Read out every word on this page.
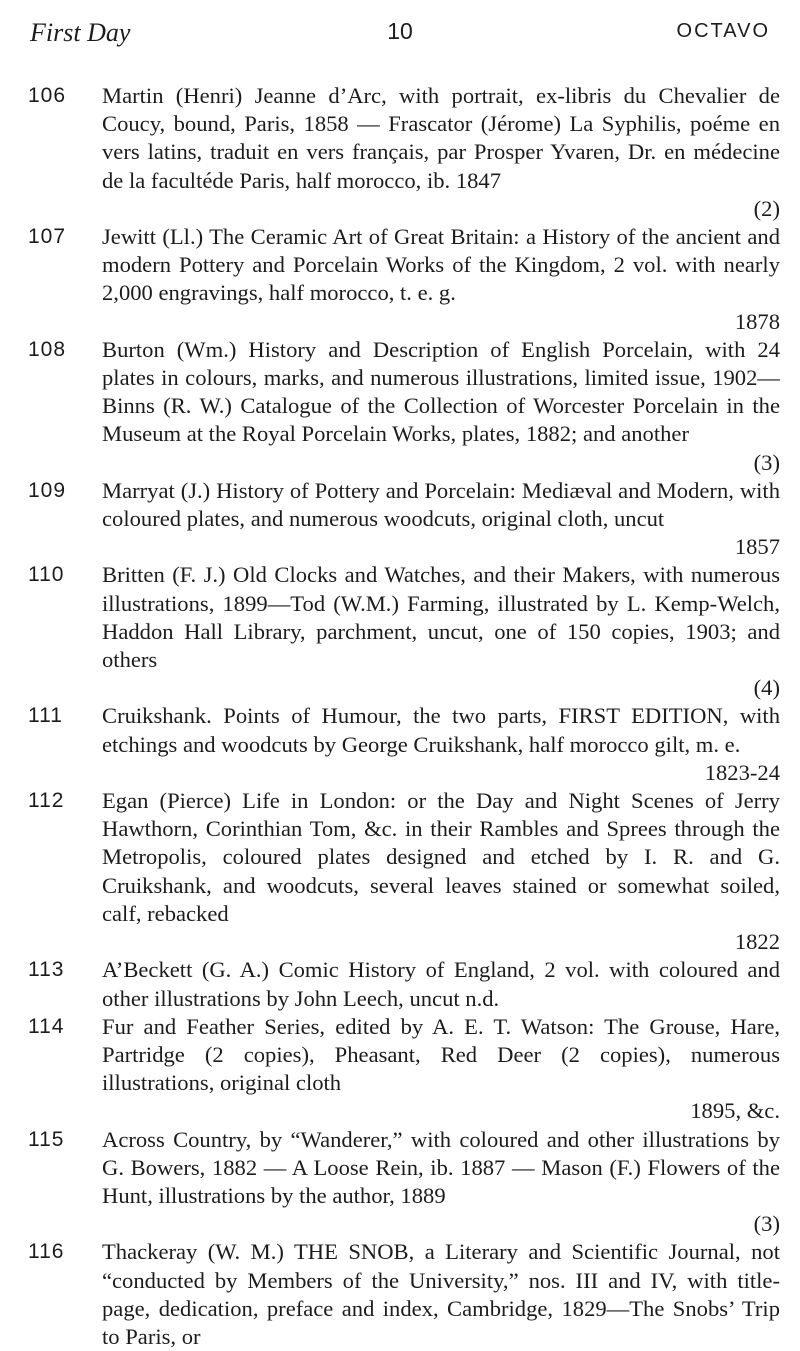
First Day	10	OCTAVO
106 Martin (Henri) Jeanne d’Arc, with portrait, ex-libris du Chevalier de Coucy, bound, Paris, 1858 — Frascator (Jérome) La Syphilis, poéme en vers latins, traduit en vers français, par Prosper Yvaren, Dr. en médecine de la facultéde Paris, half morocco, ib. 1847
(2)
107 Jewitt (Ll.) The Ceramic Art of Great Britain: a History of the ancient and modern Pottery and Porcelain Works of the Kingdom, 2 vol. with nearly 2,000 engravings, half morocco, t. e. g.
1878
108 Burton (Wm.) History and Description of English Porcelain, with 24 plates in colours, marks, and numerous illustrations, limited issue, 1902—Binns (R. W.) Catalogue of the Collection of Worcester Porcelain in the Museum at the Royal Porcelain Works, plates, 1882; and another
(3)
109 Marryat (J.) History of Pottery and Porcelain: Mediæval and Modern, with coloured plates, and numerous woodcuts, original cloth, uncut
1857
110 Britten (F. J.) Old Clocks and Watches, and their Makers, with numerous illustrations, 1899—Tod (W.M.) Farming, illustrated by L. Kemp-Welch, Haddon Hall Library, parchment, uncut, one of 150 copies, 1903; and others
(4)
111 Cruikshank. Points of Humour, the two parts, FIRST EDITION, with etchings and woodcuts by George Cruikshank, half morocco gilt, m. e.
1823-24
112 Egan (Pierce) Life in London: or the Day and Night Scenes of Jerry Hawthorn, Corinthian Tom, &c. in their Rambles and Sprees through the Metropolis, coloured plates designed and etched by I. R. and G. Cruikshank, and woodcuts, several leaves stained or somewhat soiled, calf, rebacked
1822
113 A’Beckett (G. A.) Comic History of England, 2 vol. with coloured and other illustrations by John Leech, uncut n.d.
114 Fur and Feather Series, edited by A. E. T. Watson: The Grouse, Hare, Partridge (2 copies), Pheasant, Red Deer (2 copies), numerous illustrations, original cloth
1895, &c.
115 Across Country, by “Wanderer,” with coloured and other illustrations by G. Bowers, 1882 — A Loose Rein, ib. 1887 — Mason (F.) Flowers of the Hunt, illustrations by the author, 1889
(3)
116 Thackeray (W. M.) THE SNOB, a Literary and Scientific Journal, not “conducted by Members of the University,” nos. III and IV, with title-page, dedication, preface and index, Cambridge, 1829—The Snobs’ Trip to Paris, or
